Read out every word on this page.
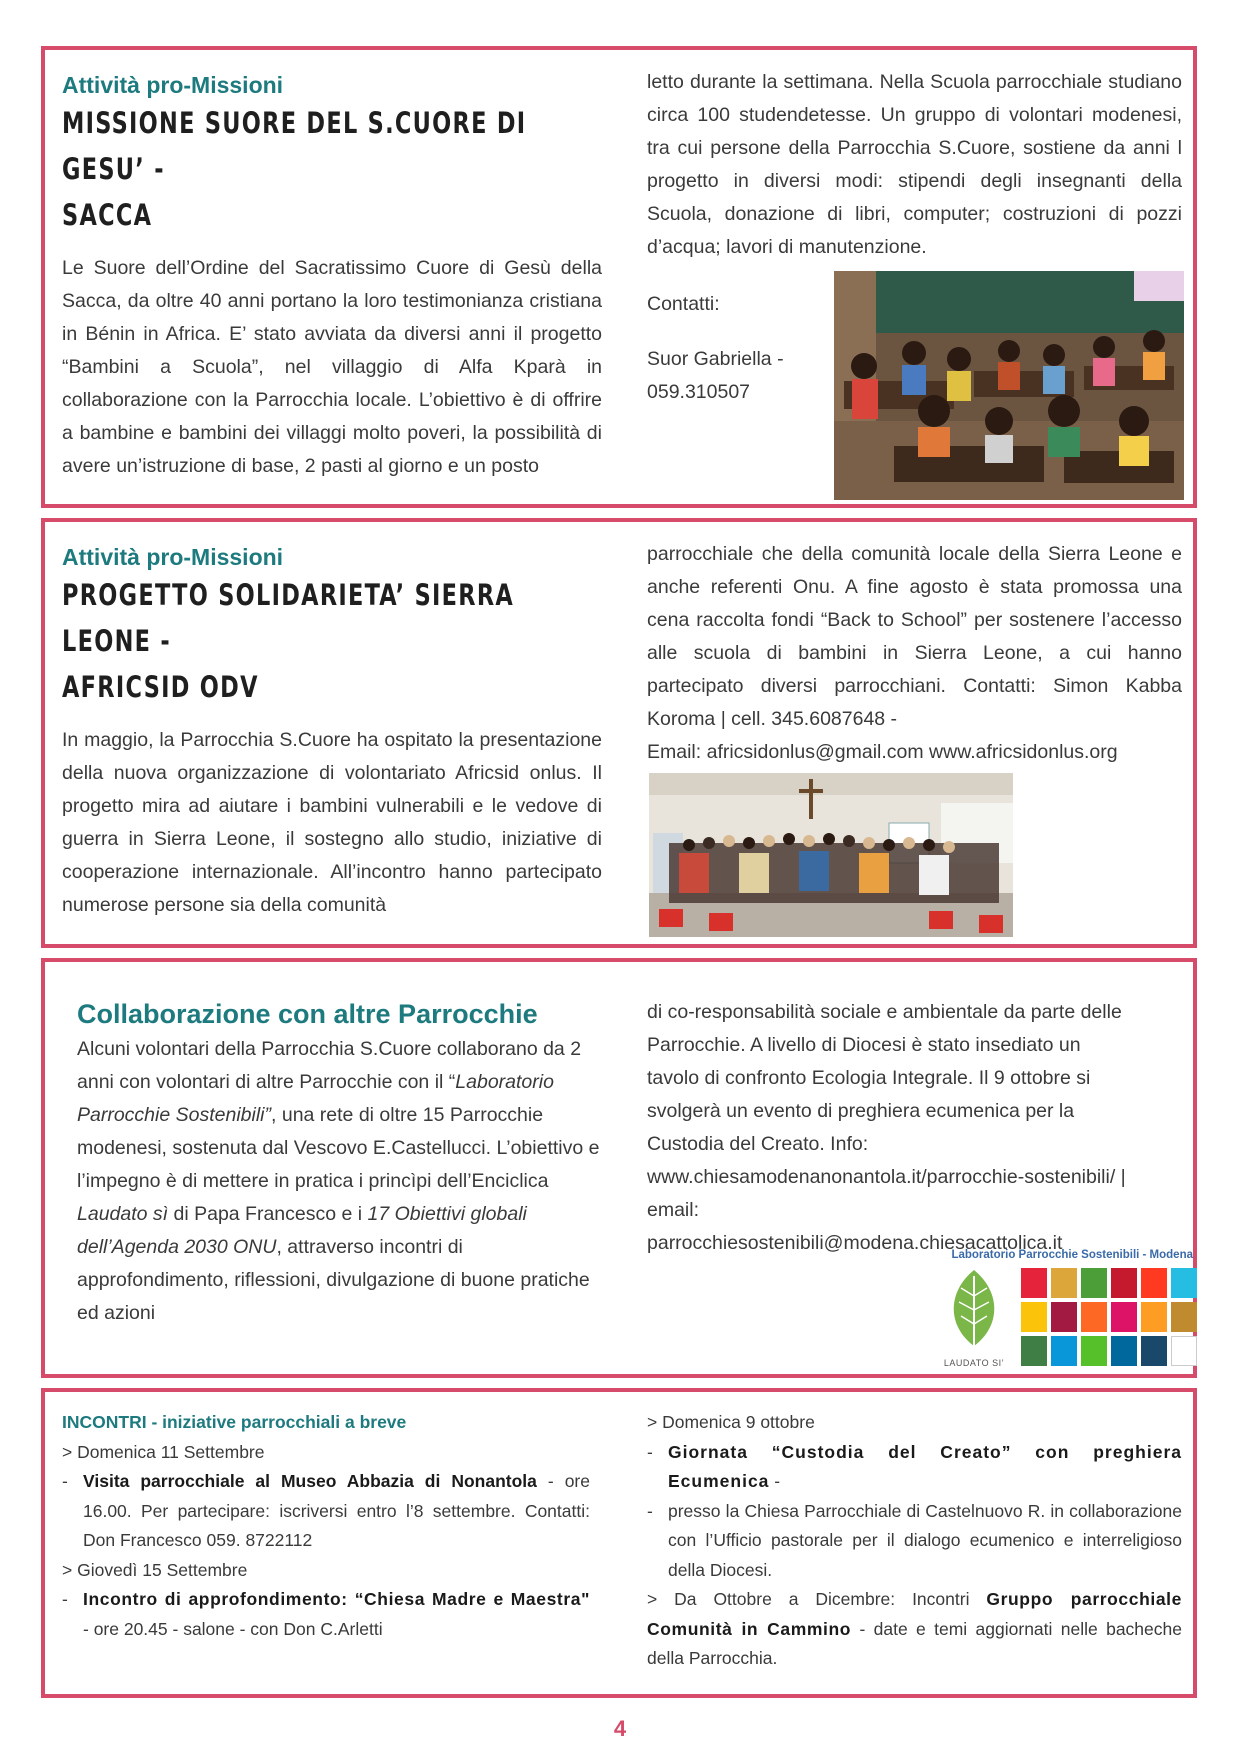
Attività pro-Missioni
MISSIONE SUORE DEL S.CUORE DI GESU’ -
SACCA
Le Suore dell’Ordine del Sacratissimo Cuore di Gesù della Sacca, da oltre 40 anni portano la loro testimonianza cristiana in Bénin in Africa. E’ stato avviata da diversi anni il progetto “Bambini a Scuola”, nel villaggio di Alfa Kparà in collaborazione con la Parrocchia locale. L’obiettivo è di offrire a bambine e bambini dei villaggi molto poveri, la possibilità di avere un’istruzione di base, 2 pasti al giorno e un posto
letto durante la settimana. Nella Scuola parrocchiale studiano circa 100 studendetesse. Un gruppo di volontari modenesi, tra cui persone della Parrocchia S.Cuore, sostiene da anni l progetto in diversi modi: stipendi degli insegnanti della Scuola, donazione di libri, computer; costruzioni di pozzi d’acqua; lavori di manutenzione.
Contatti:
Suor Gabriella -
059.310507
Attività pro-Missioni
PROGETTO SOLIDARIETA’ SIERRA LEONE -
AFRICSID ODV
In maggio, la Parrocchia S.Cuore ha ospitato la presentazione della nuova organizzazione di volontariato Africsid onlus. Il progetto mira ad aiutare i bambini vulnerabili e le vedove di guerra in Sierra Leone, il sostegno allo studio, iniziative di cooperazione internazionale. All’incontro hanno partecipato numerose persone sia della comunità
parrocchiale che della comunità locale della Sierra Leone e anche referenti Onu. A fine agosto è stata promossa una cena raccolta fondi “Back to School” per sostenere l’accesso alle scuola di bambini in Sierra Leone, a cui hanno partecipato diversi parrocchiani. Contatti: Simon Kabba Koroma | cell. 345.6087648 -
Email: africsidonlus@gmail.com www.africsidonlus.org
Collaborazione con altre Parrocchie
Alcuni volontari della Parrocchia S.Cuore collaborano da 2 anni con volontari di altre Parrocchie con il “Laboratorio Parrocchie Sostenibili”, una rete di oltre 15 Parrocchie modenesi, sostenuta dal Vescovo E.Castellucci. L’obiettivo e l’impegno è di mettere in pratica i princìpi dell’Enciclica Laudato sì di Papa Francesco e i 17 Obiettivi globali dell’Agenda 2030 ONU, attraverso incontri di approfondimento, riflessioni, divulgazione di buone pratiche ed azioni
di co-responsabilità sociale e ambientale da parte delle Parrocchie. A livello di Diocesi è stato insediato un tavolo di confronto Ecologia Integrale. Il 9 ottobre si svolgerà un evento di preghiera ecumenica per la Custodia del Creato. Info:
www.chiesamodenanonantola.it/parrocchie-sostenibili/ | email:
parrocchiesostenibili@modena.chiesacattolica.it
Laboratorio Parrocchie Sostenibili - Modena
LAUDATO SI’
INCONTRI - iniziative parrocchiali a breve
> Domenica 11 Settembre
- Visita parrocchiale al Museo Abbazia di Nonantola - ore 16.00. Per partecipare: iscriversi entro l’8 settembre. Contatti: Don Francesco 059. 8722112
> Giovedì 15 Settembre
- Incontro di approfondimento: “Chiesa Madre e Maestra" - ore 20.45 - salone - con Don C.Arletti
> Domenica 9 ottobre
- Giornata “Custodia del Creato” con preghiera Ecumenica -
- presso la Chiesa Parrocchiale di Castelnuovo R. in collaborazione con l’Ufficio pastorale per il dialogo ecumenico e interreligioso della Diocesi.
> Da Ottobre a Dicembre: Incontri Gruppo parrocchiale Comunità in Cammino - date e temi aggiornati nelle bacheche della Parrocchia.
4
